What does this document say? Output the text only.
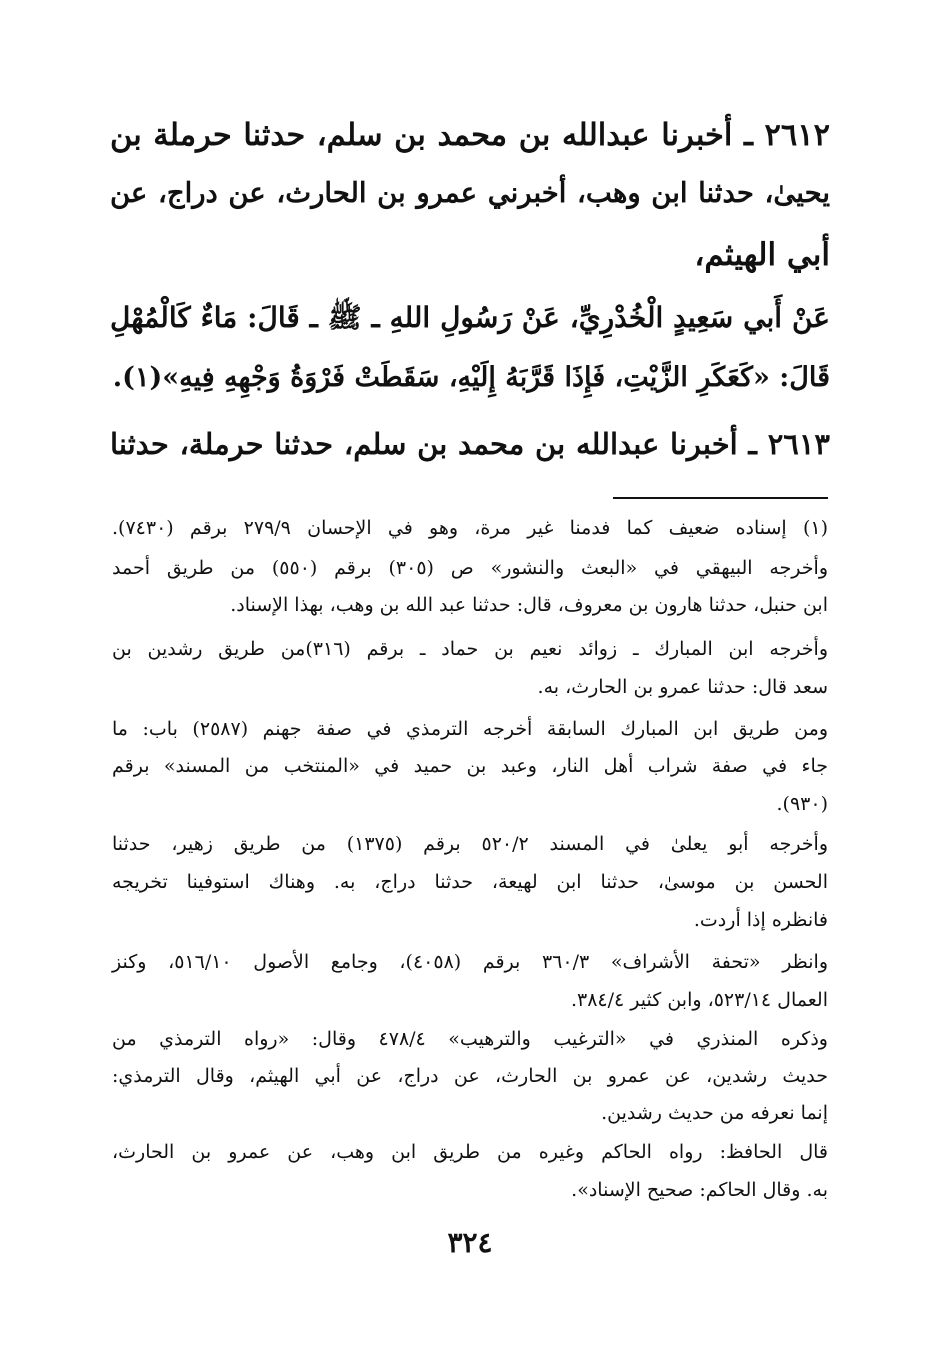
٢٦١٢ ـ أخبرنا عبدالله بن محمد بن سلم، حدثنا حرملة بن
يحيىٰ، حدثنا ابن وهب، أخبرني عمرو بن الحارث، عن دراج، عن
أبي الهيثم،
عَنْ أَبي سَعِيدٍ الْخُدْرِيِّ، عَنْ رَسُولِ اللهِ ـ ﷺ ـ قَالَ: مَاءٌ كَالْمُهْلِ
قَالَ: «كَعَكَرِ الزَّيْتِ، فَإِذَا قَرَّبَهُ إِلَيْهِ، سَقَطَتْ فَرْوَةُ وَجْهِهِ فِيهِ»(١).
٢٦١٣ ـ أخبرنا عبدالله بن محمد بن سلم، حدثنا حرملة، حدثنا
(١) إسناده ضعيف كما فدمنا غير مرة، وهو في الإحسان ٢٧٩/٩ برقم (٧٤٣٠).
وأخرجه البيهقي في «البعث والنشور» ص (٣٠٥) برقم (٥٥٠) من طريق أحمد
ابن حنبل، حدثنا هارون بن معروف، قال: حدثنا عبد الله بن وهب، بهذا الإسناد.
وأخرجه ابن المبارك ـ زوائد نعيم بن حماد ـ برقم (٣١٦)من طريق رشدين بن
سعد قال: حدثنا عمرو بن الحارث، به.
ومن طريق ابن المبارك السابقة أخرجه الترمذي في صفة جهنم (٢٥٨٧) باب: ما
جاء في صفة شراب أهل النار، وعبد بن حميد في «المنتخب من المسند» برقم
(٩٣٠).
وأخرجه أبو يعلىٰ في المسند ٥٢٠/٢ برقم (١٣٧٥) من طريق زهير، حدثنا
الحسن بن موسىٰ، حدثنا ابن لهيعة، حدثنا دراج، به. وهناك استوفينا تخريجه
فانظره إذا أردت.
وانظر «تحفة الأشراف» ٣٦٠/٣ برقم (٤٠٥٨)، وجامع الأصول ٥١٦/١٠، وكنز
العمال ٥٢٣/١٤، وابن كثير ٣٨٤/٤.
وذكره المنذري في «الترغيب والترهيب» ٤٧٨/٤ وقال: «رواه الترمذي من
حديث رشدين، عن عمرو بن الحارث، عن دراج، عن أبي الهيثم، وقال الترمذي:
إنما نعرفه من حديث رشدين.
قال الحافظ: رواه الحاكم وغيره من طريق ابن وهب، عن عمرو بن الحارث،
به. وقال الحاكم: صحيح الإسناد».
٣٢٤
